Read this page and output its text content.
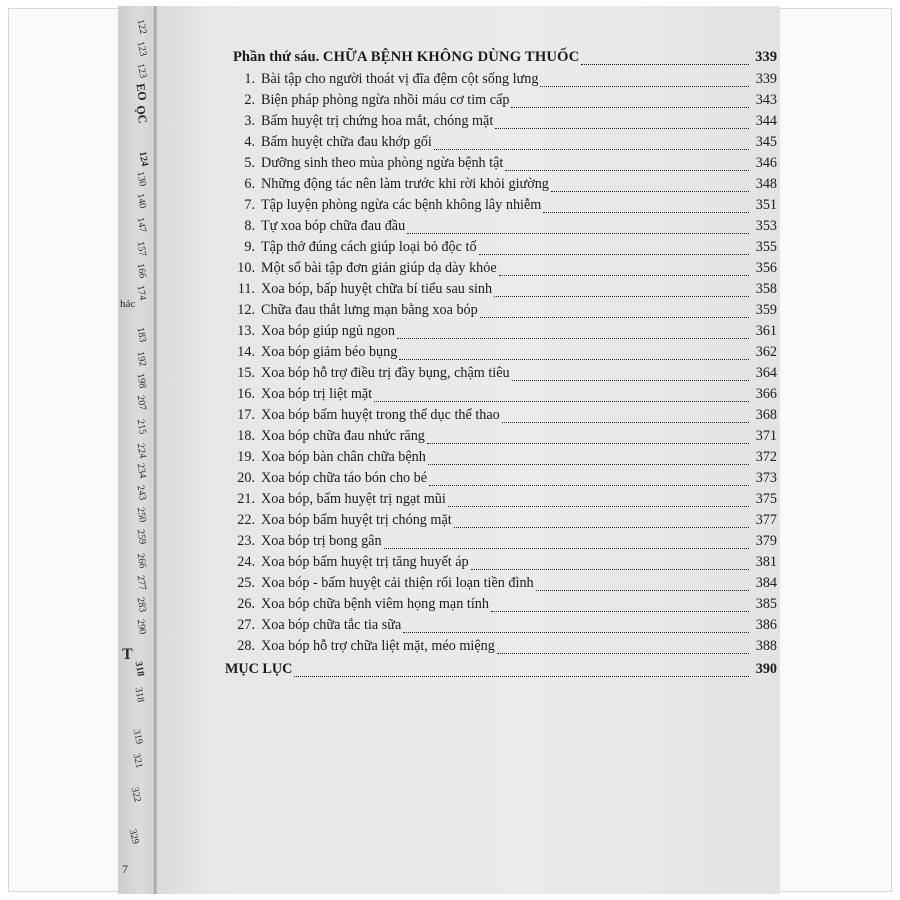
122
123
123
EO
ỌC
124
130
140
147
157
166
174
hác
183
192
198
207
215
224
234
243
250
259
266
277
283
290
T
318
318
319
321
322
329
7
Phần thứ sáu. CHỮA BỆNH KHÔNG DÙNG THUỐC	339
1. Bài tập cho người thoát vị đĩa đệm cột sống lưng	339
2. Biện pháp phòng ngừa nhồi máu cơ tim cấp	343
3. Bấm huyệt trị chứng hoa mắt, chóng mặt	344
4. Bấm huyệt chữa đau khớp gối	345
5. Dưỡng sinh theo mùa phòng ngừa bệnh tật	346
6. Những động tác nên làm trước khi rời khỏi giường	348
7. Tập luyện phòng ngừa các bệnh không lây nhiễm	351
8. Tự xoa bóp chữa đau đầu	353
9. Tập thở đúng cách giúp loại bỏ độc tố	355
10. Một số bài tập đơn giản giúp dạ dày khỏe	356
11. Xoa bóp, bấp huyệt chữa bí tiểu sau sinh	358
12. Chữa đau thắt lưng mạn bằng xoa bóp	359
13. Xoa bóp giúp ngủ ngon	361
14. Xoa bóp giảm béo bụng	362
15. Xoa bóp hỗ trợ điều trị đầy bụng, chậm tiêu	364
16. Xoa bóp trị liệt mặt	366
17. Xoa bóp bấm huyệt trong thể dục thể thao	368
18. Xoa bóp chữa đau nhức răng	371
19. Xoa bóp bàn chân chữa bệnh	372
20. Xoa bóp chữa táo bón cho bé	373
21. Xoa bóp, bấm huyệt trị ngạt mũi	375
22. Xoa bóp bấm huyệt trị chóng mặt	377
23. Xoa bóp trị bong gân	379
24. Xoa bóp bấm huyệt trị tăng huyết áp	381
25. Xoa bóp - bấm huyệt cải thiện rối loạn tiền đình	384
26. Xoa bóp chữa bệnh viêm họng mạn tính	385
27. Xoa bóp chữa tắc tia sữa	386
28. Xoa bóp hỗ trợ chữa liệt mặt, méo miệng	388
MỤC LỤC	390
